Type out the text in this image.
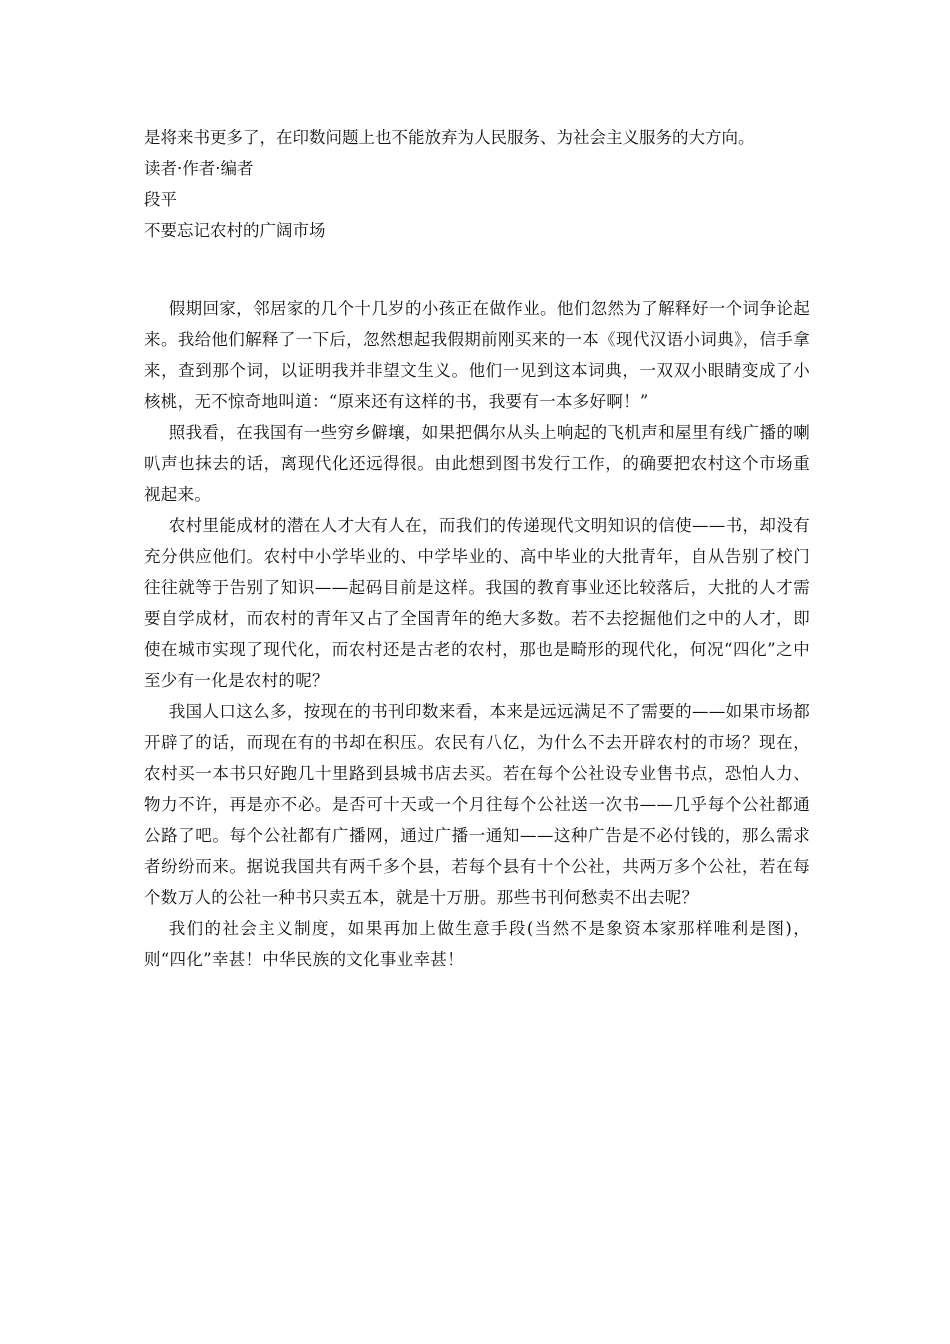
是将来书更多了，在印数问题上也不能放弃为人民服务、为社会主义服务的大方向。
读者·作者·编者
段平
不要忘记农村的广阔市场

假期回家，邻居家的几个十几岁的小孩正在做作业。他们忽然为了解释好一个词争论起来。我给他们解释了一下后，忽然想起我假期前刚买来的一本《现代汉语小词典》，信手拿来，查到那个词，以证明我并非望文生义。他们一见到这本词典，一双双小眼睛变成了小核桃，无不惊奇地叫道：“原来还有这样的书，我要有一本多好啊！”

照我看，在我国有一些穷乡僻壤，如果把偶尔从头上响起的飞机声和屋里有线广播的喇叭声也抹去的话，离现代化还远得很。由此想到图书发行工作，的确要把农村这个市场重视起来。

农村里能成材的潜在人才大有人在，而我们的传递现代文明知识的信使——书，却没有充分供应他们。农村中小学毕业的、中学毕业的、高中毕业的大批青年，自从告别了校门往往就等于告别了知识——起码目前是这样。我国的教育事业还比较落后，大批的人才需要自学成材，而农村的青年又占了全国青年的绝大多数。若不去挖掘他们之中的人才，即使在城市实现了现代化，而农村还是古老的农村，那也是畸形的现代化，何况“四化”之中至少有一化是农村的呢？

我国人口这么多，按现在的书刊印数来看，本来是远远满足不了需要的——如果市场都开辟了的话，而现在有的书却在积压。农民有八亿，为什么不去开辟农村的市场？现在，农村买一本书只好跑几十里路到县城书店去买。若在每个公社设专业售书点，恐怕人力、物力不许，再是亦不必。是否可十天或一个月往每个公社送一次书——几乎每个公社都通公路了吧。每个公社都有广播网，通过广播一通知——这种广告是不必付钱的，那么需求者纷纷而来。据说我国共有两千多个县，若每个县有十个公社，共两万多个公社，若在每个数万人的公社一种书只卖五本，就是十万册。那些书刊何愁卖不出去呢？

我们的社会主义制度，如果再加上做生意手段(当然不是象资本家那样唯利是图)，则“四化”幸甚！中华民族的文化事业幸甚！
